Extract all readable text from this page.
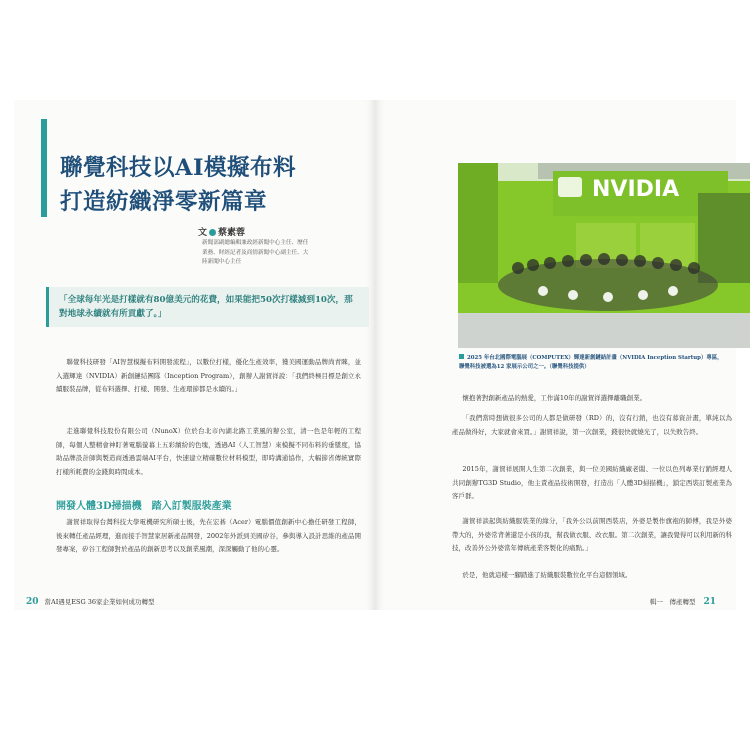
聯覺科技以AI模擬布料
打造紡織淨零新篇章
文 蔡素蓉
新聞部副總編輯兼政經新聞中心主任、歷任業務、財經記者及商情新聞中心副主任、大陸新聞中心主任
「全球每年光是打樣就有80億美元的花費，如果能把50次打樣減到10次，那對地球永續就有所貢獻了。」

聯覺科技研發「AI智慧模擬布料開發流程」，以數位打樣，優化生產效率，獲美國運動品牌尚青睞，並入選輝達（NVIDIA）新創鏈結團隊（Inception Program），創辦人謝賀祥說：「我們終極目標是創立永續服裝品牌，從布料選擇、打樣、開發、生產環節都是永續的。」

走進聯覺科技股份有限公司（NunoX）位於台北市內湖北路工業風的辦公室，清一色是年輕的工程師，每個人整精會神盯著電腦螢幕上五彩繽紛的色塊，透過AI（人工智慧）來模擬不同布料的垂墜度，協助品牌設計師與製造商透過雲端AI平台，快速建立精確數位材料模型，即時溝通協作，大幅節省傳統實際打樣所耗費的金錢與時間成本。

開發人體3D掃描機　踏入訂製服裝產業

謝賀祥取得台灣科技大學電機研究所碩士後，先在宏碁（Acer）電腦價值創新中心擔任研發工程師，後來轉任產品經理，進而接手智慧家居新產品開發，2002年外派到美國矽谷，參與導入設計思維的產品開發專案，矽谷工程師對於產品的創新思考以及創業風潮，深深觸動了他的心靈。

20 當AI遇見ESG 36家企業如何成功轉型
NVIDIA
2025 年台北國際電腦展（COMPUTEX）輝達新創鏈結計畫（NVIDIA Inception Startup）專區，
聯覺科技被選為12 家展示公司之一。（聯覺科技提供）

懷抱著對創新產品的熱愛，工作滿10年的謝賀祥選擇離職創業。

「我們當時想做很多公司的人都是做研發（RD）的，沒有行銷，也沒有募資計畫，單純以為產品做得好，大家就會來買。」謝賀祥說，第一次創業，錢很快就燒光了，以失敗告終。

2015年，謝賀祥展開人生第二次創業，與一位美國紡織廠老闆、一位以色列專業行銷經理人共同創辦TG3D Studio，他主責產品技術開發，打造出「人體3D掃描機」，鎖定西裝訂製產業為客戶群。

謝賀祥談起與紡織服裝業的緣分，「我外公以前開西裝店，外婆是製作旗袍的師傅，我是外婆帶大的，外婆常背著還是小孩的我，幫我做衣服、改衣服。第二次創業，讓我覺得可以利用新的科技，改善外公外婆當年傳統產業客製化的痛點。」

於是，他就這樣一腳踏進了紡織服裝數位化平台這個領域。

輯一　傳產轉型 21
